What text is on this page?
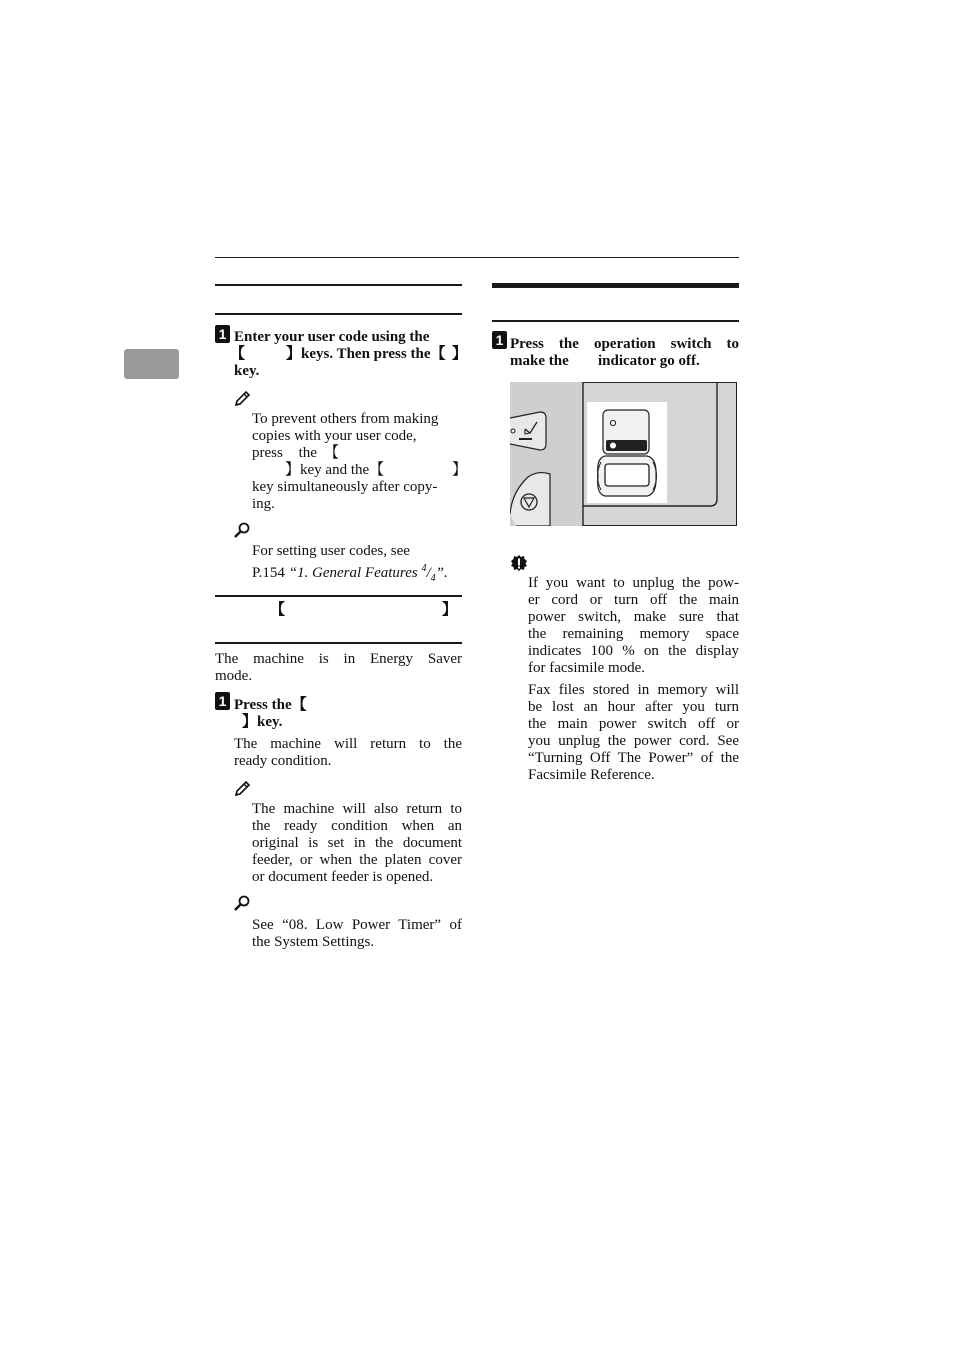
1 Enter your user code using the
【	】keys. Then press the【 】
key.
To prevent others from making
copies with your user code,
press the 【
】key and the【	】
key simultaneously after copy-
ing.
For setting user codes, see
P.154 “1. General Features $^4/_4$”.
【	】
The machine is in Energy Saver
mode.
1 Press the【
】key.
The machine will return to the
ready condition.
The machine will also return to
the ready condition when an
original is set in the document
feeder, or when the platen cover
or document feeder is opened.
See “08. Low Power Timer” of
the System Settings.
1 Press the operation switch to
make the indicator go off.
If you want to unplug the pow-
er cord or turn off the main
power switch, make sure that
the remaining memory space
indicates 100 % on the display
for facsimile mode.
Fax files stored in memory will
be lost an hour after you turn
the main power switch off or
you unplug the power cord. See
“Turning Off The Power” of the
Facsimile Reference.
